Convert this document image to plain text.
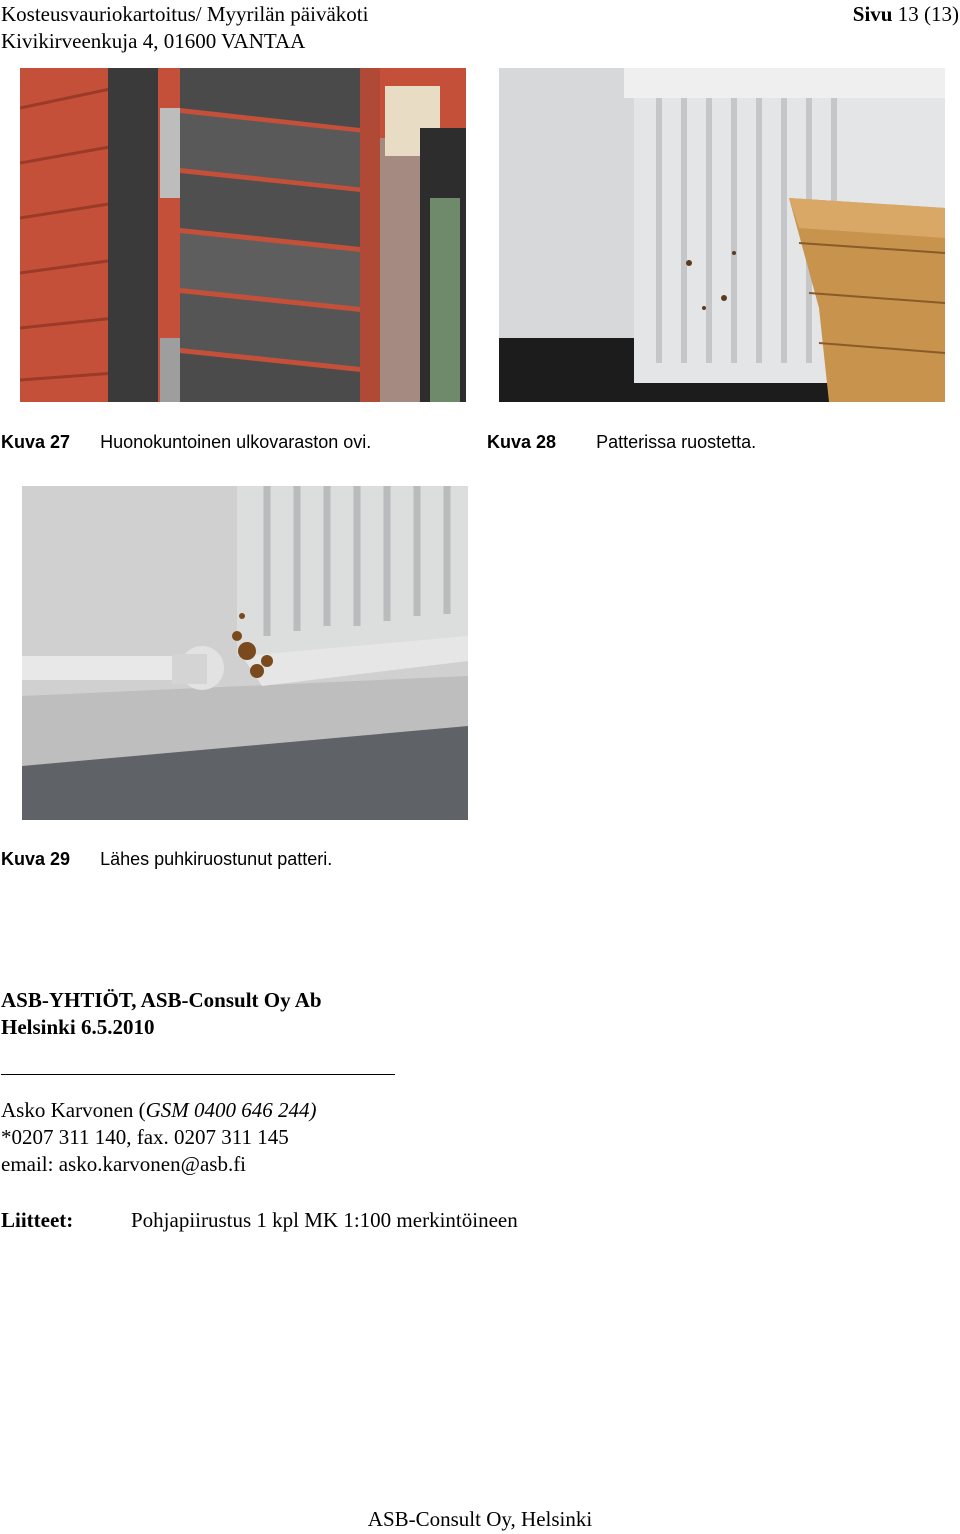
Kosteusvauriokartoitus/ Myyrilän päiväkoti
Kivikirveenkuja 4, 01600 VANTAA
Sivu 13 (13)
Kuva 27 Huonokuntoinen ulkovaraston ovi.	Kuva 28 Patterissa ruostetta.
Kuva 29 Lähes puhkiruostunut patteri.
ASB-YHTIÖT, ASB-Consult Oy Ab
Helsinki 6.5.2010
Asko Karvonen (GSM 0400 646 244)
*0207 311 140, fax. 0207 311 145
email: asko.karvonen@asb.fi
Liitteet:	Pohjapiirustus 1 kpl MK 1:100 merkintöineen
ASB-Consult Oy, Helsinki
